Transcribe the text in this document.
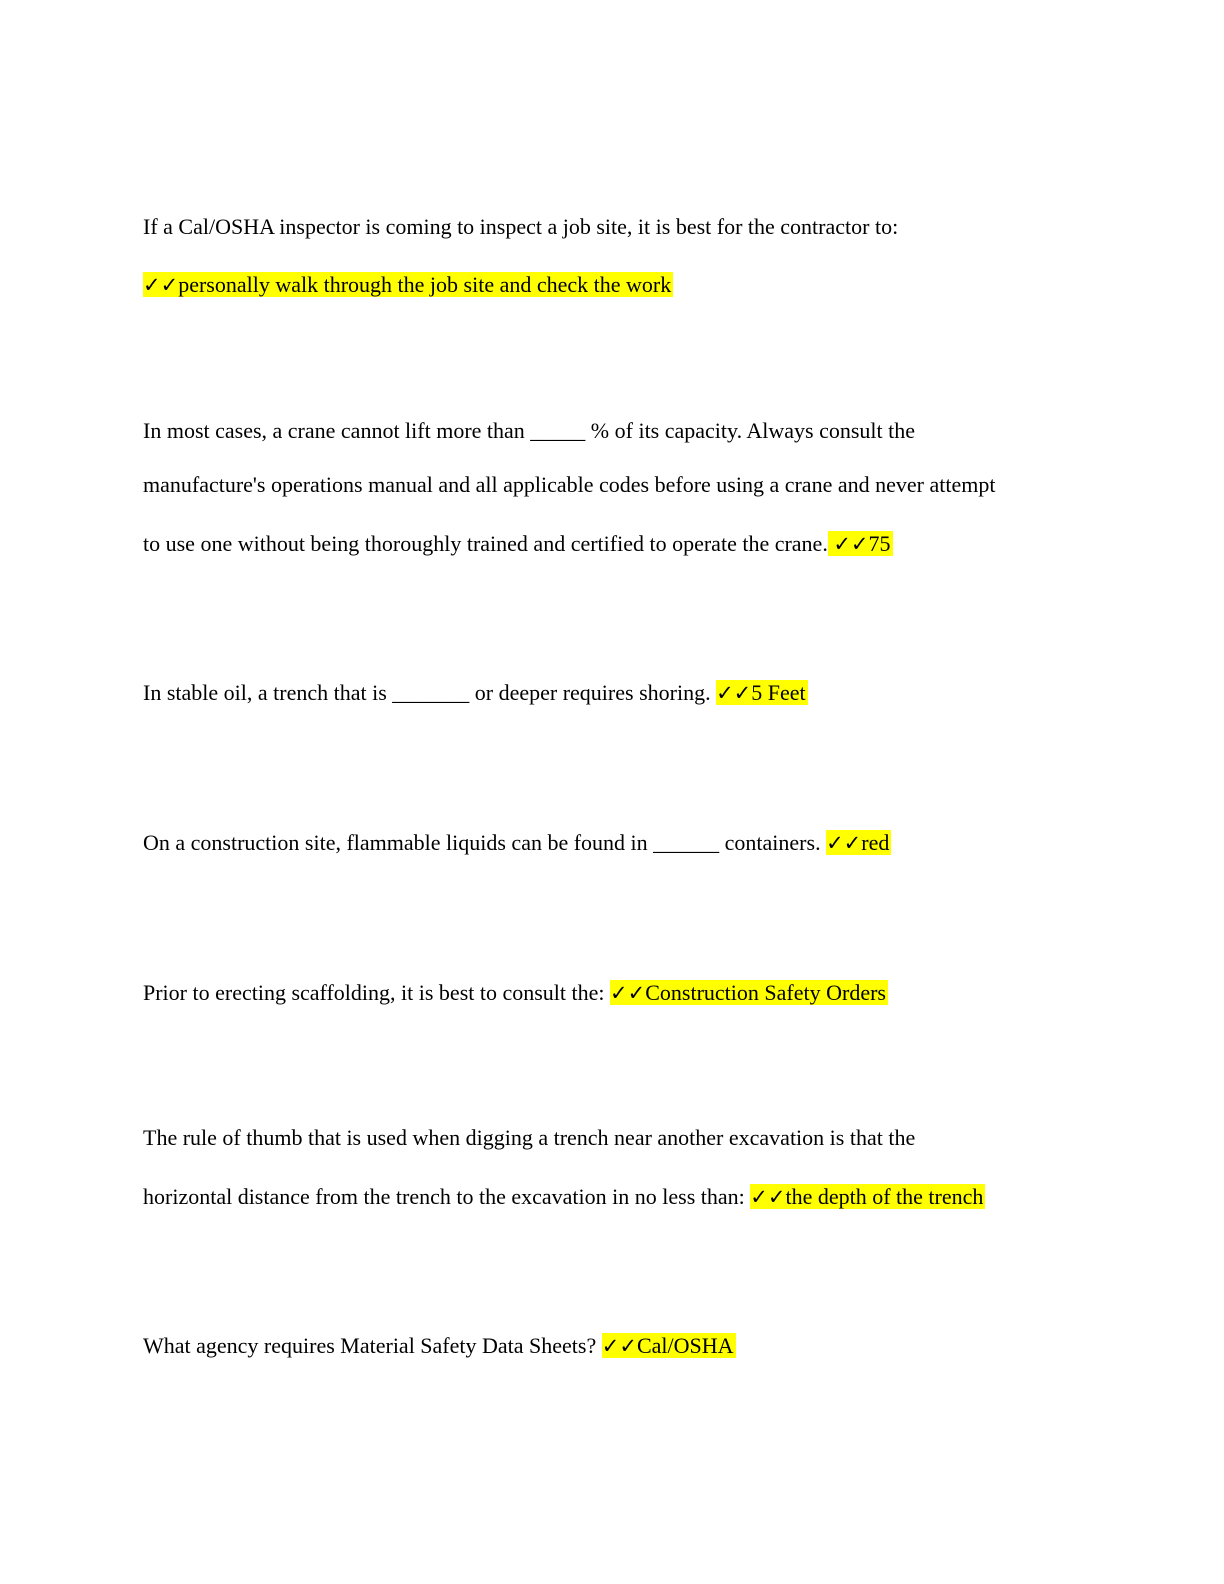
If a Cal/OSHA inspector is coming to inspect a job site, it is best for the contractor to:
✓✓personally walk through the job site and check the work
In most cases, a crane cannot lift more than _____ % of its capacity. Always consult the
manufacture's operations manual and all applicable codes before using a crane and never attempt
to use one without being thoroughly trained and certified to operate the crane. ✓✓75
In stable oil, a trench that is _______ or deeper requires shoring. ✓✓5 Feet
On a construction site, flammable liquids can be found in ______ containers. ✓✓red
Prior to erecting scaffolding, it is best to consult the: ✓✓Construction Safety Orders
The rule of thumb that is used when digging a trench near another excavation is that the
horizontal distance from the trench to the excavation in no less than: ✓✓the depth of the trench
What agency requires Material Safety Data Sheets? ✓✓Cal/OSHA
